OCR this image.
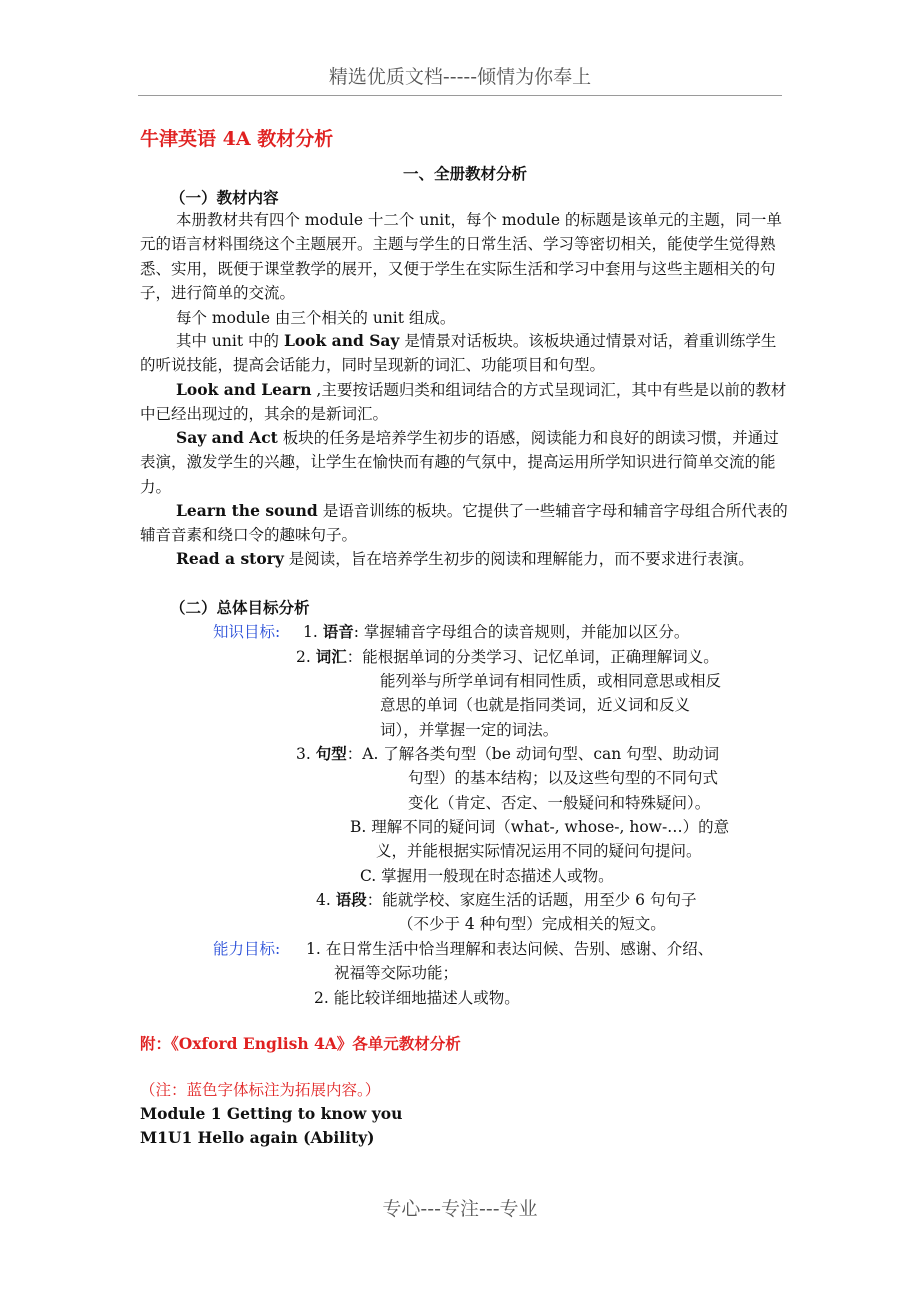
精选优质文档-----倾情为你奉上
牛津英语 4A 教材分析
一、全册教材分析
（一）教材内容
本册教材共有四个 module 十二个 unit，每个 module 的标题是该单元的主题，同一单元的语言材料围绕这个主题展开。主题与学生的日常生活、学习等密切相关，能使学生觉得熟悉、实用，既便于课堂教学的展开，又便于学生在实际生活和学习中套用与这些主题相关的句子，进行简单的交流。
每个 module 由三个相关的 unit 组成。
其中 unit 中的 Look and Say 是情景对话板块。该板块通过情景对话，着重训练学生的听说技能，提高会话能力，同时呈现新的词汇、功能项目和句型。
Look and Learn ,主要按话题归类和组词结合的方式呈现词汇，其中有些是以前的教材中已经出现过的，其余的是新词汇。
Say and Act 板块的任务是培养学生初步的语感，阅读能力和良好的朗读习惯，并通过表演，激发学生的兴趣，让学生在愉快而有趣的气氛中，提高运用所学知识进行简单交流的能力。
Learn the sound 是语音训练的板块。它提供了一些辅音字母和辅音字母组合所代表的辅音音素和绕口令的趣味句子。
Read a story 是阅读，旨在培养学生初步的阅读和理解能力，而不要求进行表演。
（二）总体目标分析
知识目标: 1. 语音: 掌握辅音字母组合的读音规则，并能加以区分。
2. 词汇：能根据单词的分类学习、记忆单词，正确理解词义。
能列举与所学单词有相同性质，或相同意思或相反
意思的单词（也就是指同类词，近义词和反义
词），并掌握一定的词法。
3. 句型：A. 了解各类句型（be 动词句型、can 句型、助动词
句型）的基本结构；以及这些句型的不同句式
变化（肯定、否定、一般疑问和特殊疑问）。
B. 理解不同的疑问词（what-, whose-, how-…）的意
义，并能根据实际情况运用不同的疑问句提问。
C. 掌握用一般现在时态描述人或物。
4. 语段：能就学校、家庭生活的话题，用至少 6 句句子
（不少于 4 种句型）完成相关的短文。
能力目标: 1. 在日常生活中恰当理解和表达问候、告别、感谢、介绍、
祝福等交际功能；
2. 能比较详细地描述人或物。
附：《Oxford English 4A》各单元教材分析
（注：蓝色字体标注为拓展内容。）
Module 1 Getting to know you
M1U1 Hello again (Ability)
专心---专注---专业
